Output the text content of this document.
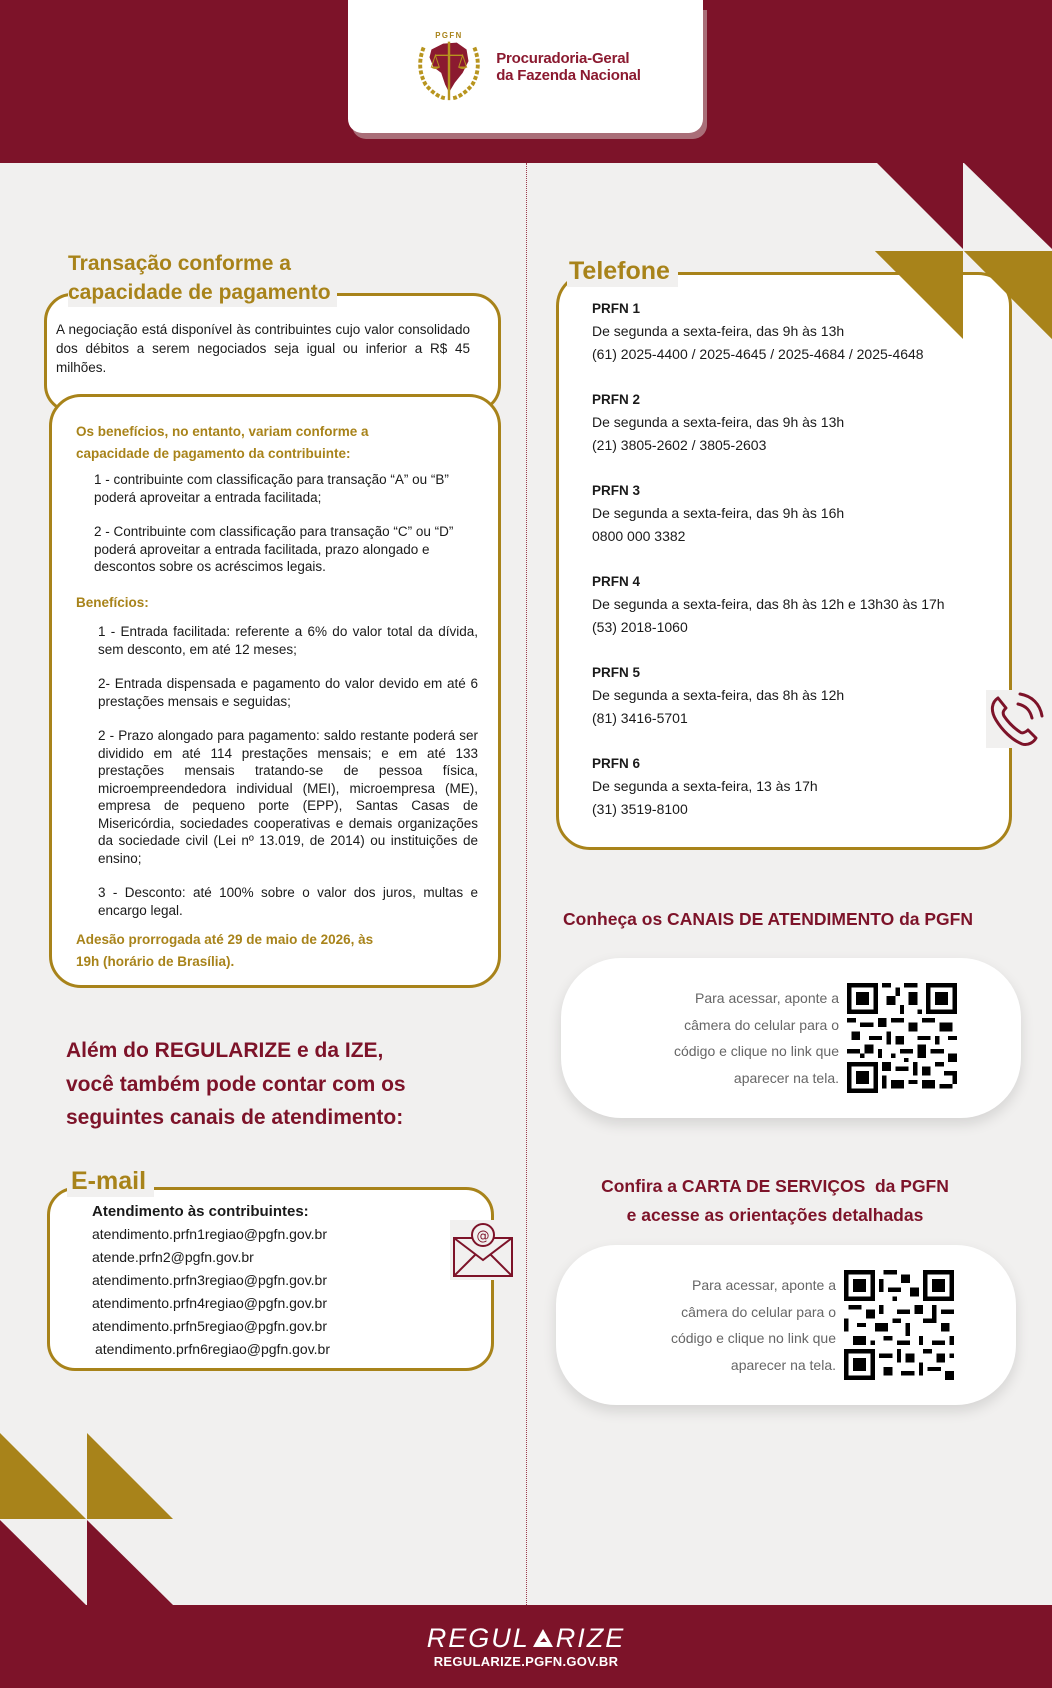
PGFN
Procuradoria-Geral
da Fazenda Nacional
Transação conforme a
capacidade de pagamento

A negociação está disponível às contribuintes cujo valor consolidado dos débitos a serem negociados seja igual ou inferior a R$ 45 milhões.

Os benefícios, no entanto, variam conforme a
capacidade de pagamento da contribuinte:

1 - contribuinte com classificação para transação “A” ou “B” poderá aproveitar a entrada facilitada;

2 - Contribuinte com classificação para transação “C” ou “D” poderá aproveitar a entrada facilitada, prazo alongado e descontos sobre os acréscimos legais.

Benefícios:

1 - Entrada facilitada: referente a 6% do valor total da dívida, sem desconto, em até 12 meses;

2- Entrada dispensada e pagamento do valor devido em até 6 prestações mensais e seguidas;

2 - Prazo alongado para pagamento: saldo restante poderá ser dividido em até 114 prestações mensais; e em até 133 prestações mensais tratando-se de pessoa física, microempreendedora individual (MEI), microempresa (ME), empresa de pequeno porte (EPP), Santas Casas de Misericórdia, sociedades cooperativas e demais organizações da sociedade civil (Lei nº 13.019, de 2014) ou instituições de ensino;

3 - Desconto: até 100% sobre o valor dos juros, multas e encargo legal.

Adesão prorrogada até 29 de maio de 2026, às
19h (horário de Brasília).
Além do REGULARIZE e da IZE,
você também pode contar com os
seguintes canais de atendimento:
Atendimento às contribuintes:
atendimento.prfn1regiao@pgfn.gov.br
atende.prfn2@pgfn.gov.br
atendimento.prfn3regiao@pgfn.gov.br
atendimento.prfn4regiao@pgfn.gov.br
atendimento.prfn5regiao@pgfn.gov.br
atendimento.prfn6regiao@pgfn.gov.br
E-mail
@
PRFN 1
De segunda a sexta-feira, das 9h às 13h
(61) 2025-4400 / 2025-4645 / 2025-4684 / 2025-4648
PRFN 2
De segunda a sexta-feira, das 9h às 13h
(21) 3805-2602 / 3805-2603
PRFN 3
De segunda a sexta-feira, das 9h às 16h
0800 000 3382
PRFN 4
De segunda a sexta-feira, das 8h às 12h e 13h30 às 17h
(53) 2018-1060
PRFN 5
De segunda a sexta-feira, das 8h às 12h
(81) 3416-5701
PRFN 6
De segunda a sexta-feira, 13 às 17h
(31) 3519-8100
Telefone
Conheça os CANAIS DE ATENDIMENTO da PGFN
Para acessar, aponte a
câmera do celular para o
código e clique no link que
aparecer na tela.
Confira a CARTA DE SERVIÇOS  da PGFN
e acesse as orientações detalhadas
Para acessar, aponte a
câmera do celular para o
código e clique no link que
aparecer na tela.
REGUL RIZE
REGULARIZE.PGFN.GOV.BR
